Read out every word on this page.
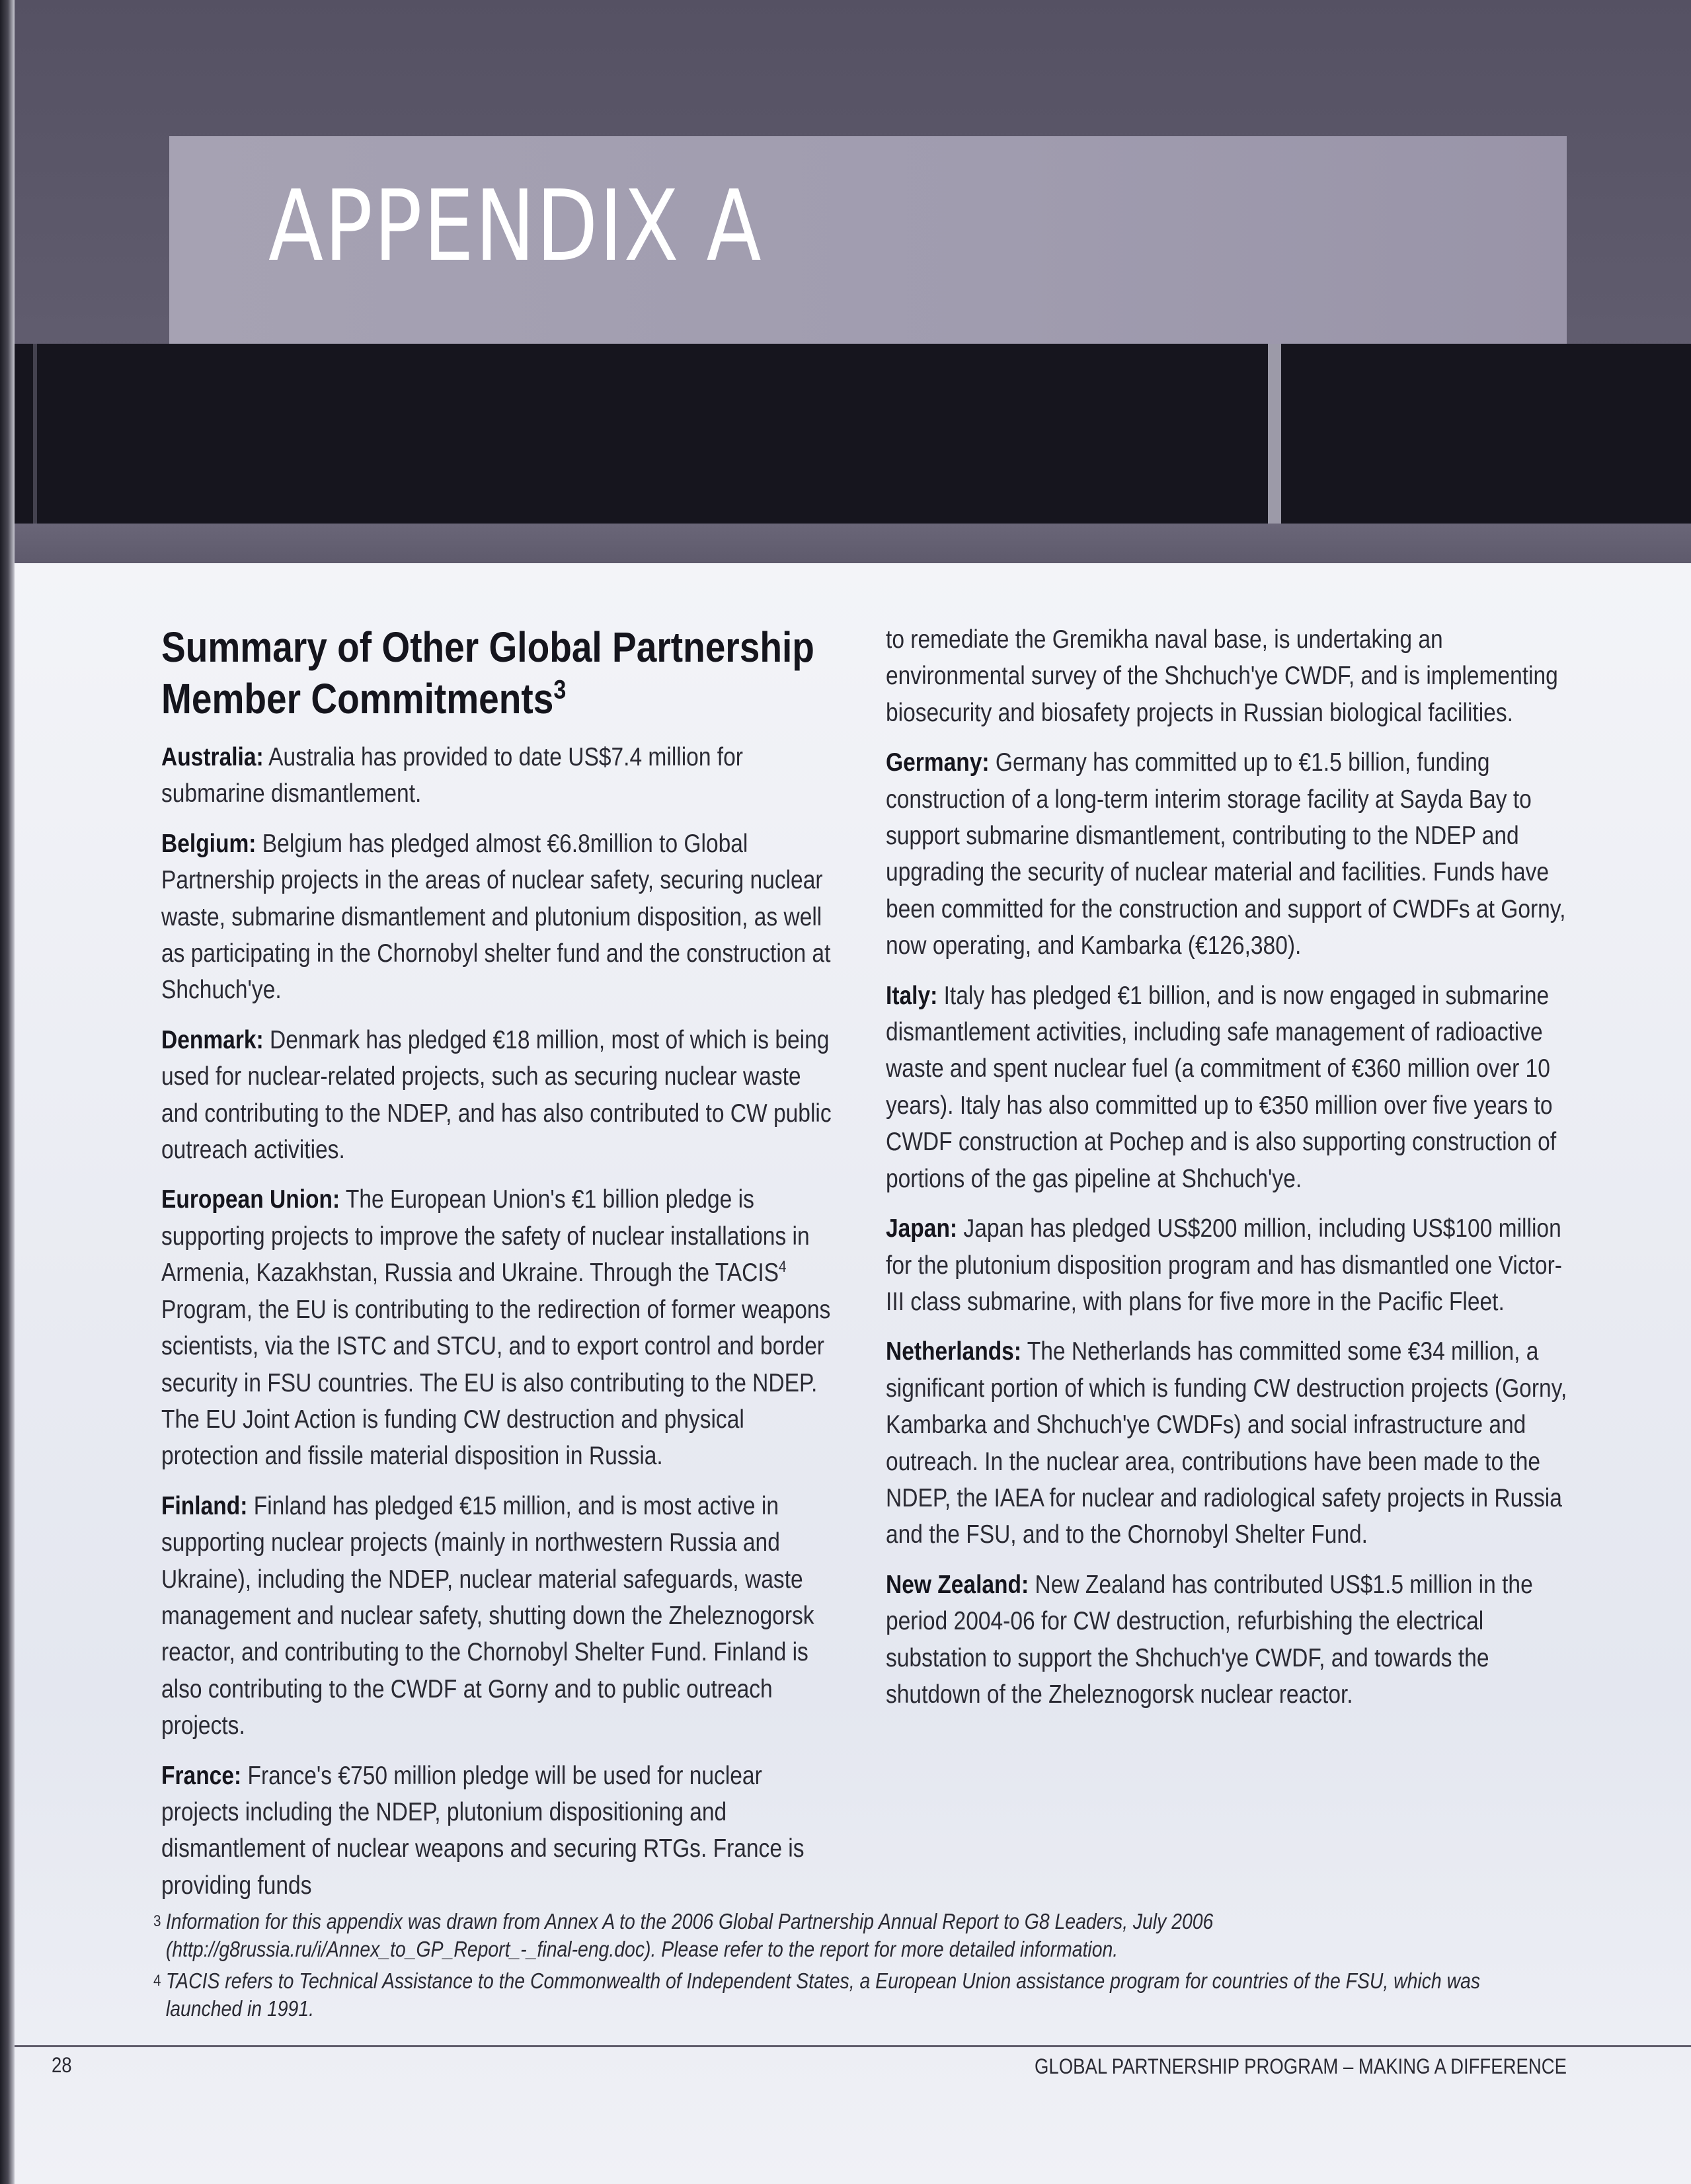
APPENDIX A
Summary of Other Global Partnership Member Commitments$^3$

Australia: Australia has provided to date US$7.4 million for submarine dismantlement.

Belgium: Belgium has pledged almost €6.8million to Global Partnership projects in the areas of nuclear safety, securing nuclear waste, submarine dismantlement and plutonium disposition, as well as participating in the Chornobyl shelter fund and the construction at Shchuch'ye.

Denmark: Denmark has pledged €18 million, most of which is being used for nuclear-related projects, such as securing nuclear waste and contributing to the NDEP, and has also contributed to CW public outreach activities.

European Union: The European Union's €1 billion pledge is supporting projects to improve the safety of nuclear installations in Armenia, Kazakhstan, Russia and Ukraine. Through the TACIS$^4$ Program, the EU is contributing to the redirection of former weapons scientists, via the ISTC and STCU, and to export control and border security in FSU countries. The EU is also contributing to the NDEP. The EU Joint Action is funding CW destruction and physical protection and fissile material disposition in Russia.

Finland: Finland has pledged €15 million, and is most active in supporting nuclear projects (mainly in northwestern Russia and Ukraine), including the NDEP, nuclear material safeguards, waste management and nuclear safety, shutting down the Zheleznogorsk reactor, and contributing to the Chornobyl Shelter Fund. Finland is also contributing to the CWDF at Gorny and to public outreach projects.

France: France's €750 million pledge will be used for nuclear projects including the NDEP, plutonium dispositioning and dismantlement of nuclear weapons and securing RTGs. France is providing funds

to remediate the Gremikha naval base, is undertaking an environmental survey of the Shchuch'ye CWDF, and is implementing biosecurity and biosafety projects in Russian biological facilities.

Germany: Germany has committed up to €1.5 billion, funding construction of a long-term interim storage facility at Sayda Bay to support submarine dismantlement, contributing to the NDEP and upgrading the security of nuclear material and facilities. Funds have been committed for the construction and support of CWDFs at Gorny, now operating, and Kambarka (€126,380).

Italy: Italy has pledged €1 billion, and is now engaged in submarine dismantlement activities, including safe management of radioactive waste and spent nuclear fuel (a commitment of €360 million over 10 years). Italy has also committed up to €350 million over five years to CWDF construction at Pochep and is also supporting construction of portions of the gas pipeline at Shchuch'ye.

Japan: Japan has pledged US$200 million, including US$100 million for the plutonium disposition program and has dismantled one Victor-III class submarine, with plans for five more in the Pacific Fleet.

Netherlands: The Netherlands has committed some €34 million, a significant portion of which is funding CW destruction projects (Gorny, Kambarka and Shchuch'ye CWDFs) and social infrastructure and outreach. In the nuclear area, contributions have been made to the NDEP, the IAEA for nuclear and radiological safety projects in Russia and the FSU, and to the Chornobyl Shelter Fund.

New Zealand: New Zealand has contributed US$1.5 million in the period 2004-06 for CW destruction, refurbishing the electrical substation to support the Shchuch'ye CWDF, and towards the shutdown of the Zheleznogorsk nuclear reactor.

3 Information for this appendix was drawn from Annex A to the 2006 Global Partnership Annual Report to G8 Leaders, July 2006 (http://g8russia.ru/i/Annex_to_GP_Report_-_final-eng.doc). Please refer to the report for more detailed information.

4 TACIS refers to Technical Assistance to the Commonwealth of Independent States, a European Union assistance program for countries of the FSU, which was launched in 1991.

28	GLOBAL PARTNERSHIP PROGRAM – MAKING A DIFFERENCE
